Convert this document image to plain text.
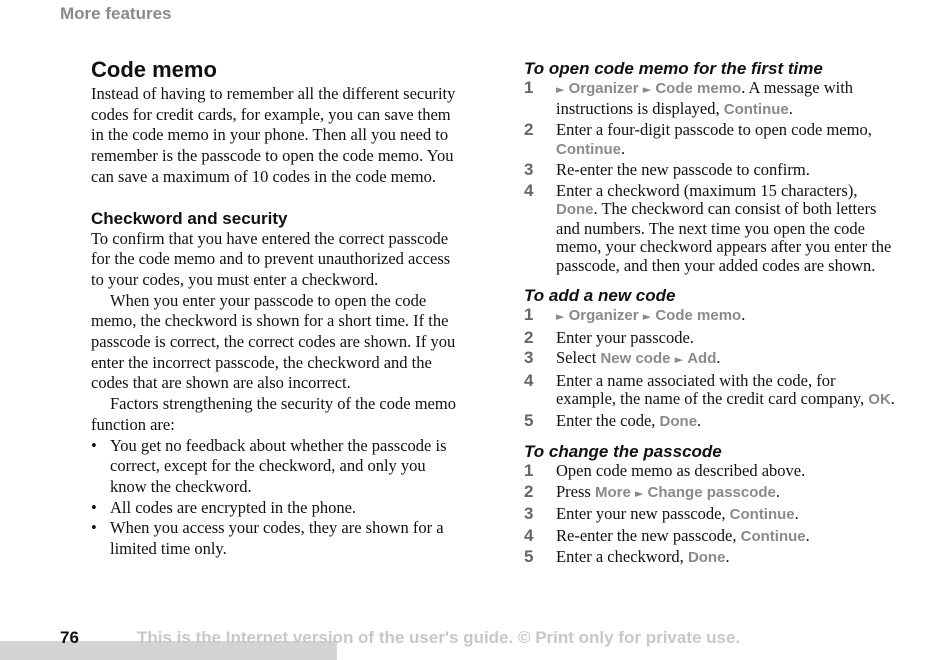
More features
Code memo

Instead of having to remember all the different security codes for credit cards, for example, you can save them in the code memo in your phone. Then all you need to remember is the passcode to open the code memo. You can save a maximum of 10 codes in the code memo.

Checkword and security

To confirm that you have entered the correct passcode for the code memo and to prevent unauthorized access to your codes, you must enter a checkword.

When you enter your passcode to open the code memo, the checkword is shown for a short time. If the passcode is correct, the correct codes are shown. If you enter the incorrect passcode, the checkword and the codes that are shown are also incorrect.

Factors strengthening the security of the code memo function are:

• You get no feedback about whether the passcode is correct, except for the checkword, and only you know the checkword.
• All codes are encrypted in the phone.
• When you access your codes, they are shown for a limited time only.
To open code memo for the first time
1 ► Organizer ► Code memo. A message with instructions is displayed, Continue.
2 Enter a four-digit passcode to open code memo, Continue.
3 Re-enter the new passcode to confirm.
4 Enter a checkword (maximum 15 characters), Done. The checkword can consist of both letters and numbers. The next time you open the code memo, your checkword appears after you enter the passcode, and then your added codes are shown.
To add a new code
1 ► Organizer ► Code memo.
2 Enter your passcode.
3 Select New code ► Add.
4 Enter a name associated with the code, for example, the name of the credit card company, OK.
5 Enter the code, Done.
To change the passcode
1 Open code memo as described above.
2 Press More ► Change passcode.
3 Enter your new passcode, Continue.
4 Re-enter the new passcode, Continue.
5 Enter a checkword, Done.
76	This is the Internet version of the user's guide. © Print only for private use.
